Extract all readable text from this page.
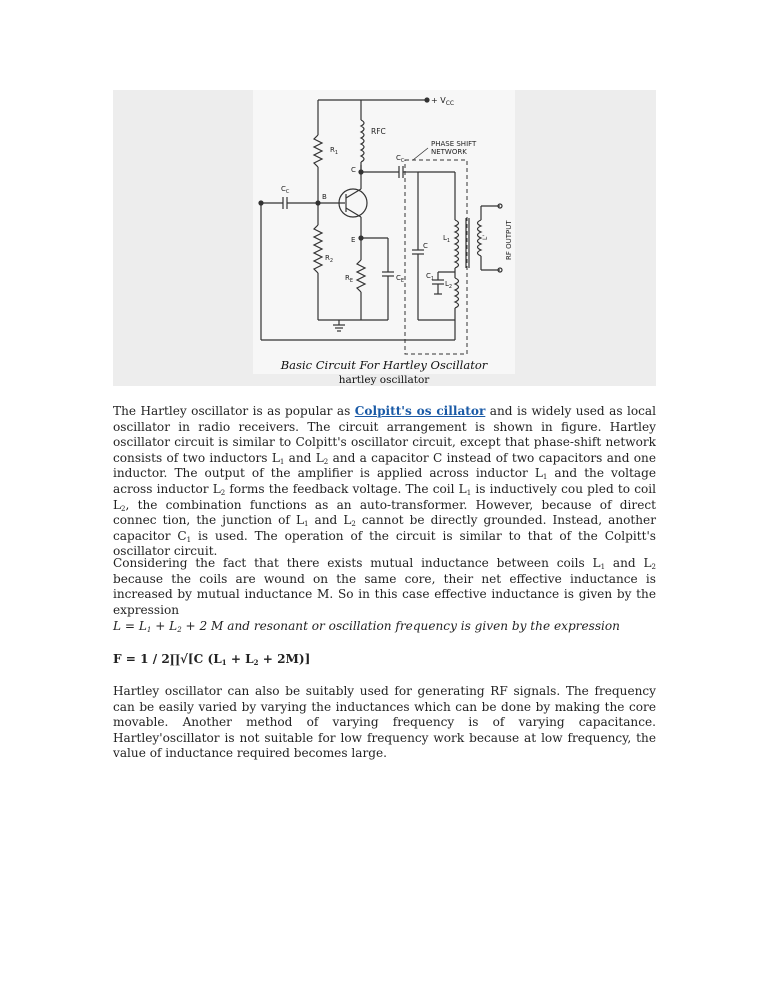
+ $V_{CC}$
RFC
PHASE SHIFT
NETWORK
$R_1$
$R_2$
$R_E$	$C_E$
$C_C$
$C_C$
C
$C_1$
$L_1$
$L_2$
L' RF OUTPUT
B
C
E
Basic Circuit For Hartley Oscillator
hartley oscillator

The Hartley oscillator is as popular as Colpitt's os cillator and is widely used as local oscillator in radio receivers. The circuit arrangement is shown in figure. Hartley oscillator circuit is similar to Colpitt's oscillator circuit, except that phase-shift network consists of two inductors $L_1$ and $L_2$ and a capacitor C instead of two capacitors and one inductor. The output of the amplifier is applied across inductor $L_1$ and the voltage across inductor $L_2$ forms the feedback voltage. The coil $L_1$ is inductively cou pled to coil $L_2$, the combination functions as an auto-transformer. However, because of direct connec tion, the junction of $L_1$ and $L_2$ cannot be directly grounded. Instead, another capacitor $C_1$ is used. The operation of the circuit is similar to that of the Colpitt's oscillator circuit.

Considering the fact that there exists mutual inductance between coils $L_1$ and $L_2$ because the coils are wound on the same core, their net effective inductance is increased by mutual inductance M. So in this case effective inductance is given by the expression

$L = L_1 + L_2 + 2$ M and resonant or oscillation frequency is given by the expression

F = 1 / 2∏√[C $(L_1 + L_2 + 2M)$]

Hartley oscillator can also be suitably used for generating RF signals. The frequency can be easily varied by varying the inductances which can be done by making the core movable. Another method of varying frequency is of varying capacitance. Hartley'oscillator is not suitable for low frequency work because at low frequency, the value of inductance required becomes large.
